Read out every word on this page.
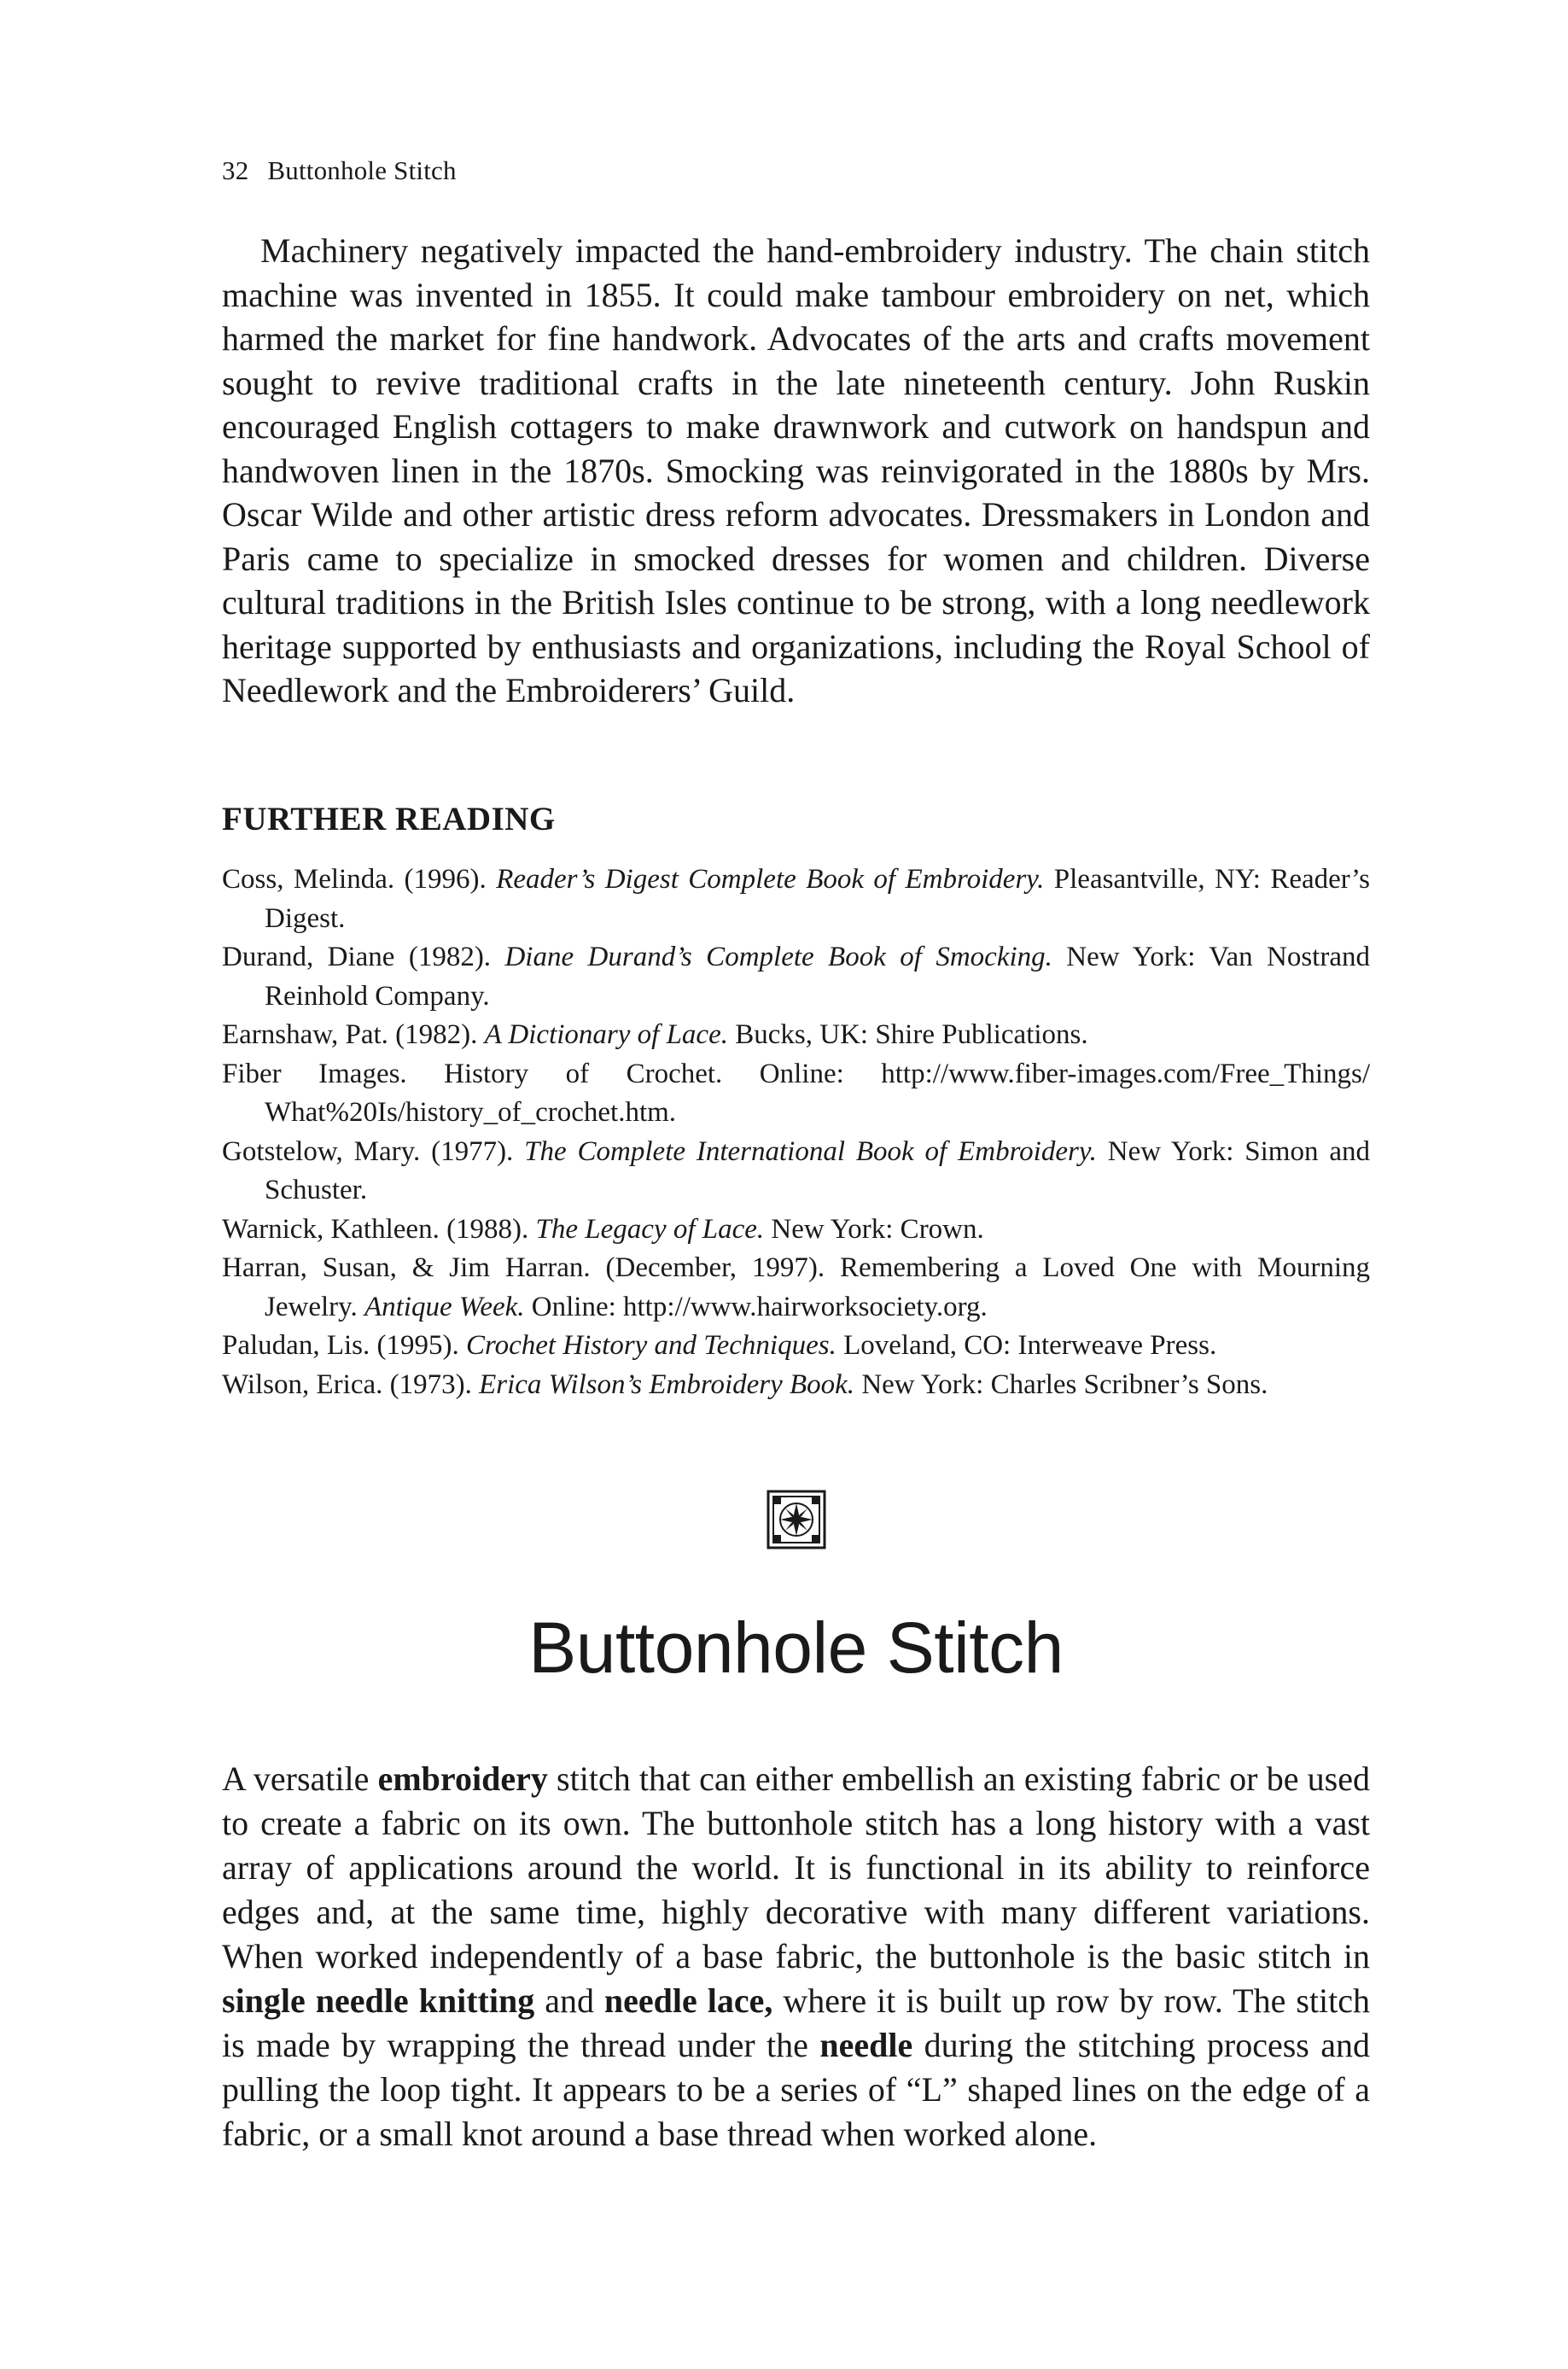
32 Buttonhole Stitch

Machinery negatively impacted the hand-embroidery industry. The chain stitch machine was invented in 1855. It could make tambour embroidery on net, which harmed the market for fine handwork. Advocates of the arts and crafts movement sought to revive traditional crafts in the late nineteenth century. John Ruskin encouraged English cottagers to make drawnwork and cutwork on handspun and handwoven linen in the 1870s. Smocking was reinvigorated in the 1880s by Mrs. Oscar Wilde and other artistic dress reform advocates. Dressmakers in London and Paris came to specialize in smocked dresses for women and children. Diverse cultural traditions in the British Isles continue to be strong, with a long needlework heritage supported by enthusiasts and organizations, including the Royal School of Needlework and the Embroiderers’ Guild.

FURTHER READING
Coss, Melinda. (1996). Reader’s Digest Complete Book of Embroidery. Pleasantville, NY: Reader’s Digest.
Durand, Diane (1982). Diane Durand’s Complete Book of Smocking. New York: Van Nostrand Reinhold Company.
Earnshaw, Pat. (1982). A Dictionary of Lace. Bucks, UK: Shire Publications.
Fiber Images. History of Crochet. Online: http://www.fiber-images.com/Free_Things/ What%20Is/history_of_crochet.htm.
Gotstelow, Mary. (1977). The Complete International Book of Embroidery. New York: Simon and Schuster.
Warnick, Kathleen. (1988). The Legacy of Lace. New York: Crown.
Harran, Susan, & Jim Harran. (December, 1997). Remembering a Loved One with Mourning Jewelry. Antique Week. Online: http://www.hairworksociety.org.
Paludan, Lis. (1995). Crochet History and Techniques. Loveland, CO: Interweave Press.
Wilson, Erica. (1973). Erica Wilson’s Embroidery Book. New York: Charles Scribner’s Sons.
Buttonhole Stitch

A versatile embroidery stitch that can either embellish an existing fabric or be used to create a fabric on its own. The buttonhole stitch has a long history with a vast array of applications around the world. It is functional in its ability to reinforce edges and, at the same time, highly decorative with many different variations. When worked independently of a base fabric, the buttonhole is the basic stitch in single needle knitting and needle lace, where it is built up row by row. The stitch is made by wrapping the thread under the needle during the stitching process and pulling the loop tight. It appears to be a series of “L” shaped lines on the edge of a fabric, or a small knot around a base thread when worked alone.
